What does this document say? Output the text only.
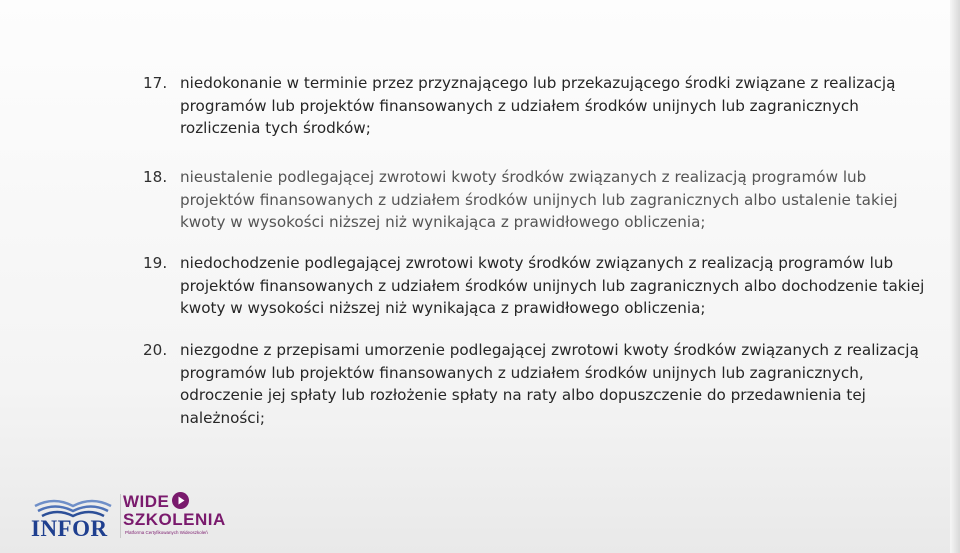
17. niedokonanie w terminie przez przyznającego lub przekazującego środki związane z realizacją programów lub projektów finansowanych z udziałem środków unijnych lub zagranicznych rozliczenia tych środków;
18. nieustalenie podlegającej zwrotowi kwoty środków związanych z realizacją programów lub projektów finansowanych z udziałem środków unijnych lub zagranicznych albo ustalenie takiej kwoty w wysokości niższej niż wynikająca z prawidłowego obliczenia;
19. niedochodzenie podlegającej zwrotowi kwoty środków związanych z realizacją programów lub projektów finansowanych z udziałem środków unijnych lub zagranicznych albo dochodzenie takiej kwoty w wysokości niższej niż wynikająca z prawidłowego obliczenia;
20. niezgodne z przepisami umorzenie podlegającej zwrotowi kwoty środków związanych z realizacją programów lub projektów finansowanych z udziałem środków unijnych lub zagranicznych, odroczenie jej spłaty lub rozłożenie spłaty na raty albo dopuszczenie do przedawnienia tej należności;
INFOR
WIDE
SZKOLENIA
Platforma Certyfikowanych Wideoszkoleń
